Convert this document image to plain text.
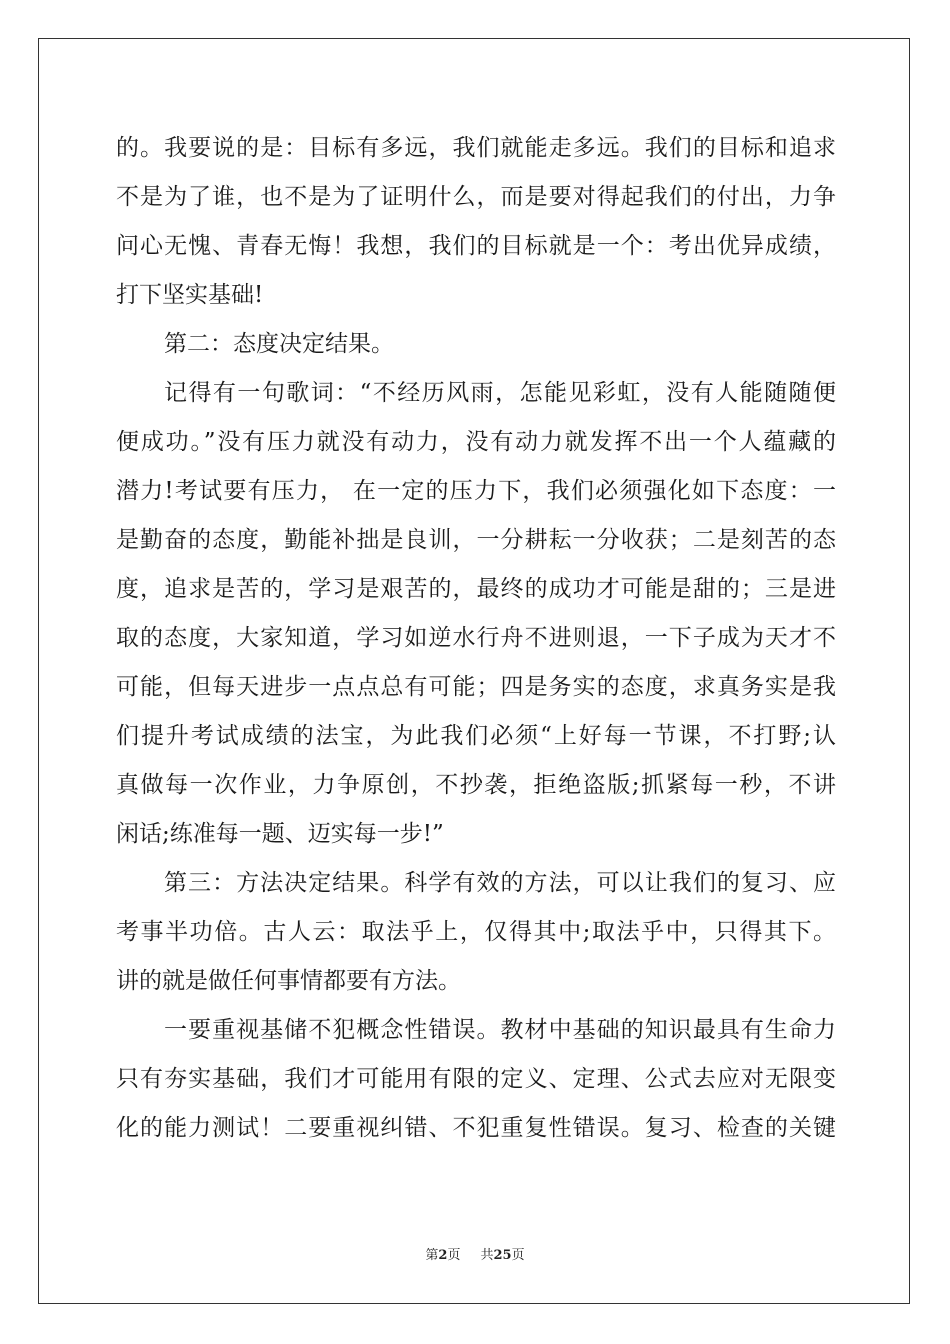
的。我要说的是：目标有多远，我们就能走多远。我们的目标和追求
不是为了谁，也不是为了证明什么，而是要对得起我们的付出，力争
问心无愧、青春无悔！我想，我们的目标就是一个：考出优异成绩，
打下坚实基础!
第二：态度决定结果。
记得有一句歌词：“不经历风雨，怎能见彩虹，没有人能随随便
便成功。”没有压力就没有动力，没有动力就发挥不出一个人蕴藏的
潜力!考试要有压力， 在一定的压力下，我们必须强化如下态度：一
是勤奋的态度，勤能补拙是良训，一分耕耘一分收获；二是刻苦的态
度，追求是苦的，学习是艰苦的，最终的成功才可能是甜的；三是进
取的态度，大家知道，学习如逆水行舟不进则退，一下子成为天才不
可能，但每天进步一点点总有可能；四是务实的态度，求真务实是我
们提升考试成绩的法宝，为此我们必须“上好每一节课，不打野;认
真做每一次作业，力争原创，不抄袭，拒绝盗版;抓紧每一秒，不讲
闲话;练准每一题、迈实每一步!”
第三：方法决定结果。科学有效的方法，可以让我们的复习、应
考事半功倍。古人云：取法乎上，仅得其中;取法乎中，只得其下。
讲的就是做任何事情都要有方法。
一要重视基储不犯概念性错误。教材中基础的知识最具有生命力
只有夯实基础，我们才可能用有限的定义、定理、公式去应对无限变
化的能力测试！二要重视纠错、不犯重复性错误。复习、检查的关键
第2页 共25页
